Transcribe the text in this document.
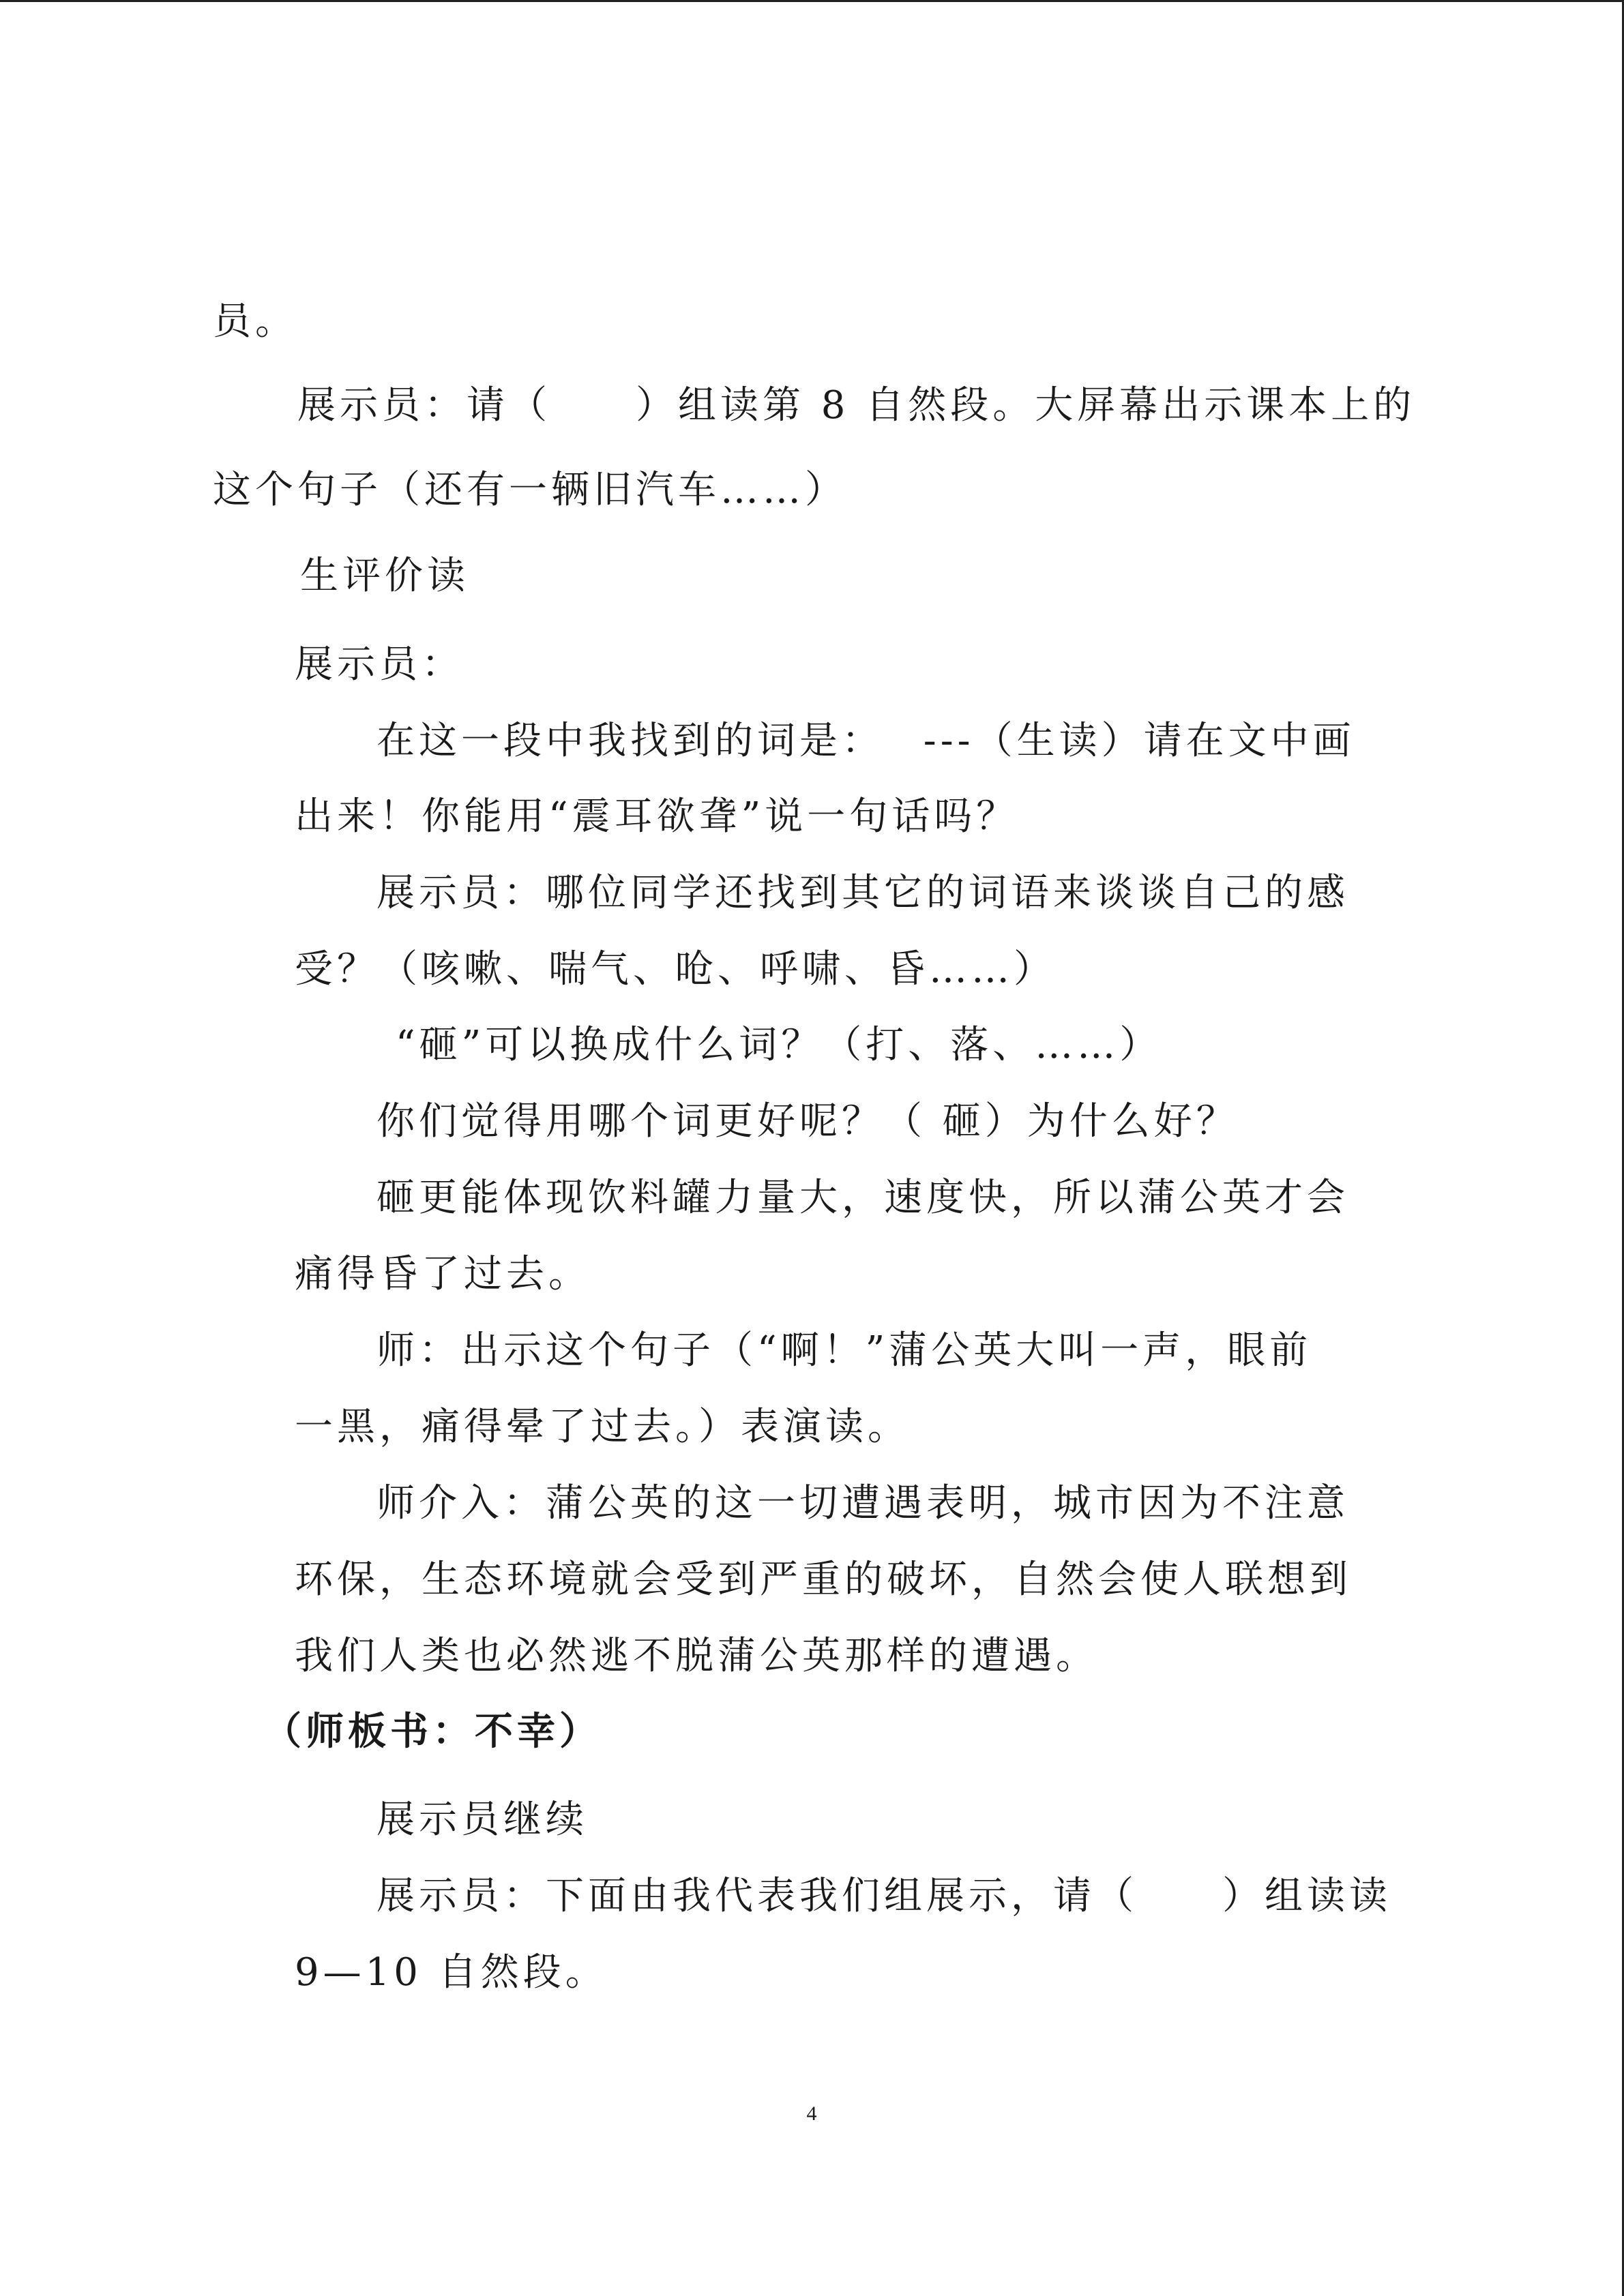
员。
展示员：请（　　）组读第 8 自然段。大屏幕出示课本上的
这个句子（还有一辆旧汽车……）
生评价读
展示员：
在这一段中我找到的词是：　 ---（生读）请在文中画
出来！你能用“震耳欲聋”说一句话吗？
展示员：哪位同学还找到其它的词语来谈谈自己的感
受？（咳嗽、喘气、呛、呼啸、昏……）
“砸”可以换成什么词？（打、落、……）
你们觉得用哪个词更好呢？（ 砸）为什么好？
砸更能体现饮料罐力量大，速度快，所以蒲公英才会
痛得昏了过去。
师：出示这个句子（“啊！”蒲公英大叫一声，眼前
一黑，痛得晕了过去。）表演读。
师介入：蒲公英的这一切遭遇表明，城市因为不注意
环保，生态环境就会受到严重的破坏，自然会使人联想到
我们人类也必然逃不脱蒲公英那样的遭遇。
（师板书：不幸）
展示员继续
展示员：下面由我代表我们组展示，请（　　）组读读
9—10 自然段。
4
